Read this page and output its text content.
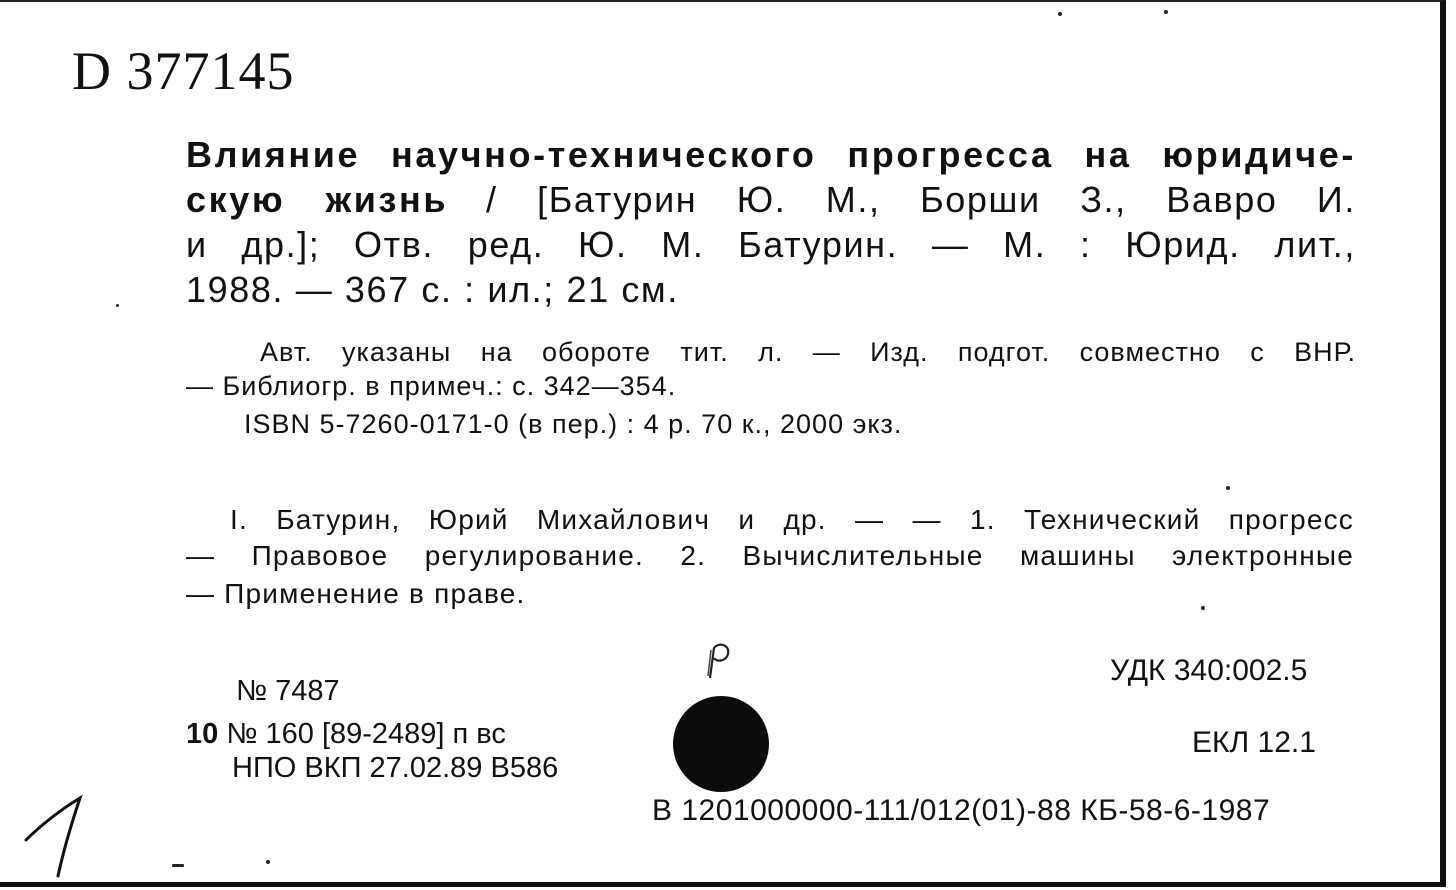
D 377145
Влияние научно-технического прогресса на юридиче-
скую жизнь / [Батурин Ю. М., Борши З., Вавро И.
и др.]; Отв. ред. Ю. М. Батурин. — М. : Юрид. лит.,
1988. — 367 с. : ил.; 21 см.
Авт. указаны на обороте тит. л. — Изд. подгот. совместно с ВНР.
— Библиогр. в примеч.: с. 342—354.
ISBN 5-7260-0171-0 (в пер.) : 4 р. 70 к., 2000 экз.
I. Батурин, Юрий Михайлович и др. — — 1. Технический прогресс
— Правовое регулирование. 2. Вычислительные машины электронные
— Применение в праве.
№ 7487
10 № 160 [89-2489] п вс
НПО ВКП 27.02.89 В586
УДК 340:002.5
ЕКЛ 12.1
В 1201000000-111/012(01)-88 КБ-58-6-1987
